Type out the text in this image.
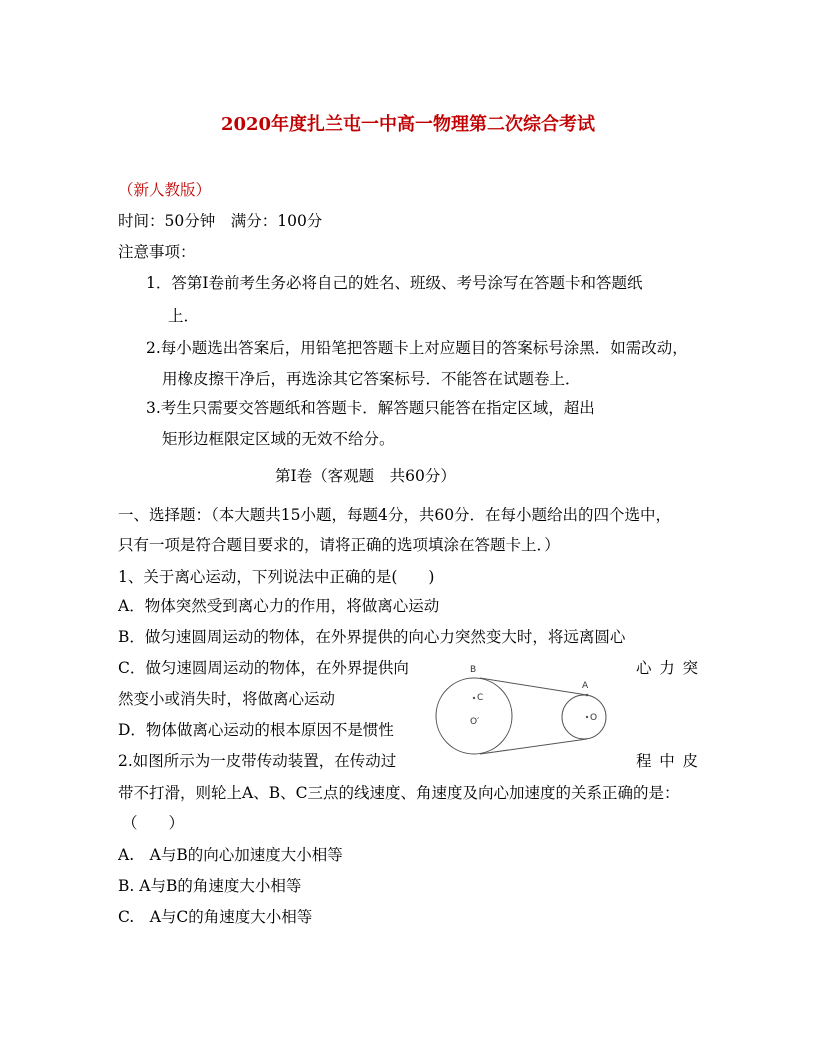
2020年度扎兰屯一中高一物理第二次综合考试
（新人教版）
时间：50分钟　满分：100分
注意事项：
1．答第Ⅰ卷前考生务必将自己的姓名、班级、考号涂写在答题卡和答题纸
上．
2.每小题选出答案后，用铅笔把答题卡上对应题目的答案标号涂黑．如需改动，
用橡皮擦干净后，再选涂其它答案标号．不能答在试题卷上．
3.考生只需要交答题纸和答题卡．解答题只能答在指定区域，超出
矩形边框限定区域的无效不给分。
第Ⅰ卷（客观题　共60分）
一、选择题：（本大题共15小题，每题4分，共60分．在每小题给出的四个选中，
只有一项是符合题目要求的，请将正确的选项填涂在答题卡上．）
1、关于离心运动，下列说法中正确的是(　　)
A．物体突然受到离心力的作用，将做离心运动
B．做匀速圆周运动的物体，在外界提供的向心力突然变大时，将远离圆心
C．做匀速圆周运动的物体，在外界提供向	心 力 突
然变小或消失时，将做离心运动
D．物体做离心运动的根本原因不是惯性
2.如图所示为一皮带传动装置，在传动过	程 中 皮
带不打滑，则轮上A、B、C三点的线速度、角速度及向心加速度的关系正确的是：
（　　）
A.　A与B的向心加速度大小相等
B. A与B的角速度大小相等
C.　A与C的角速度大小相等
B
A
C
O′	O
